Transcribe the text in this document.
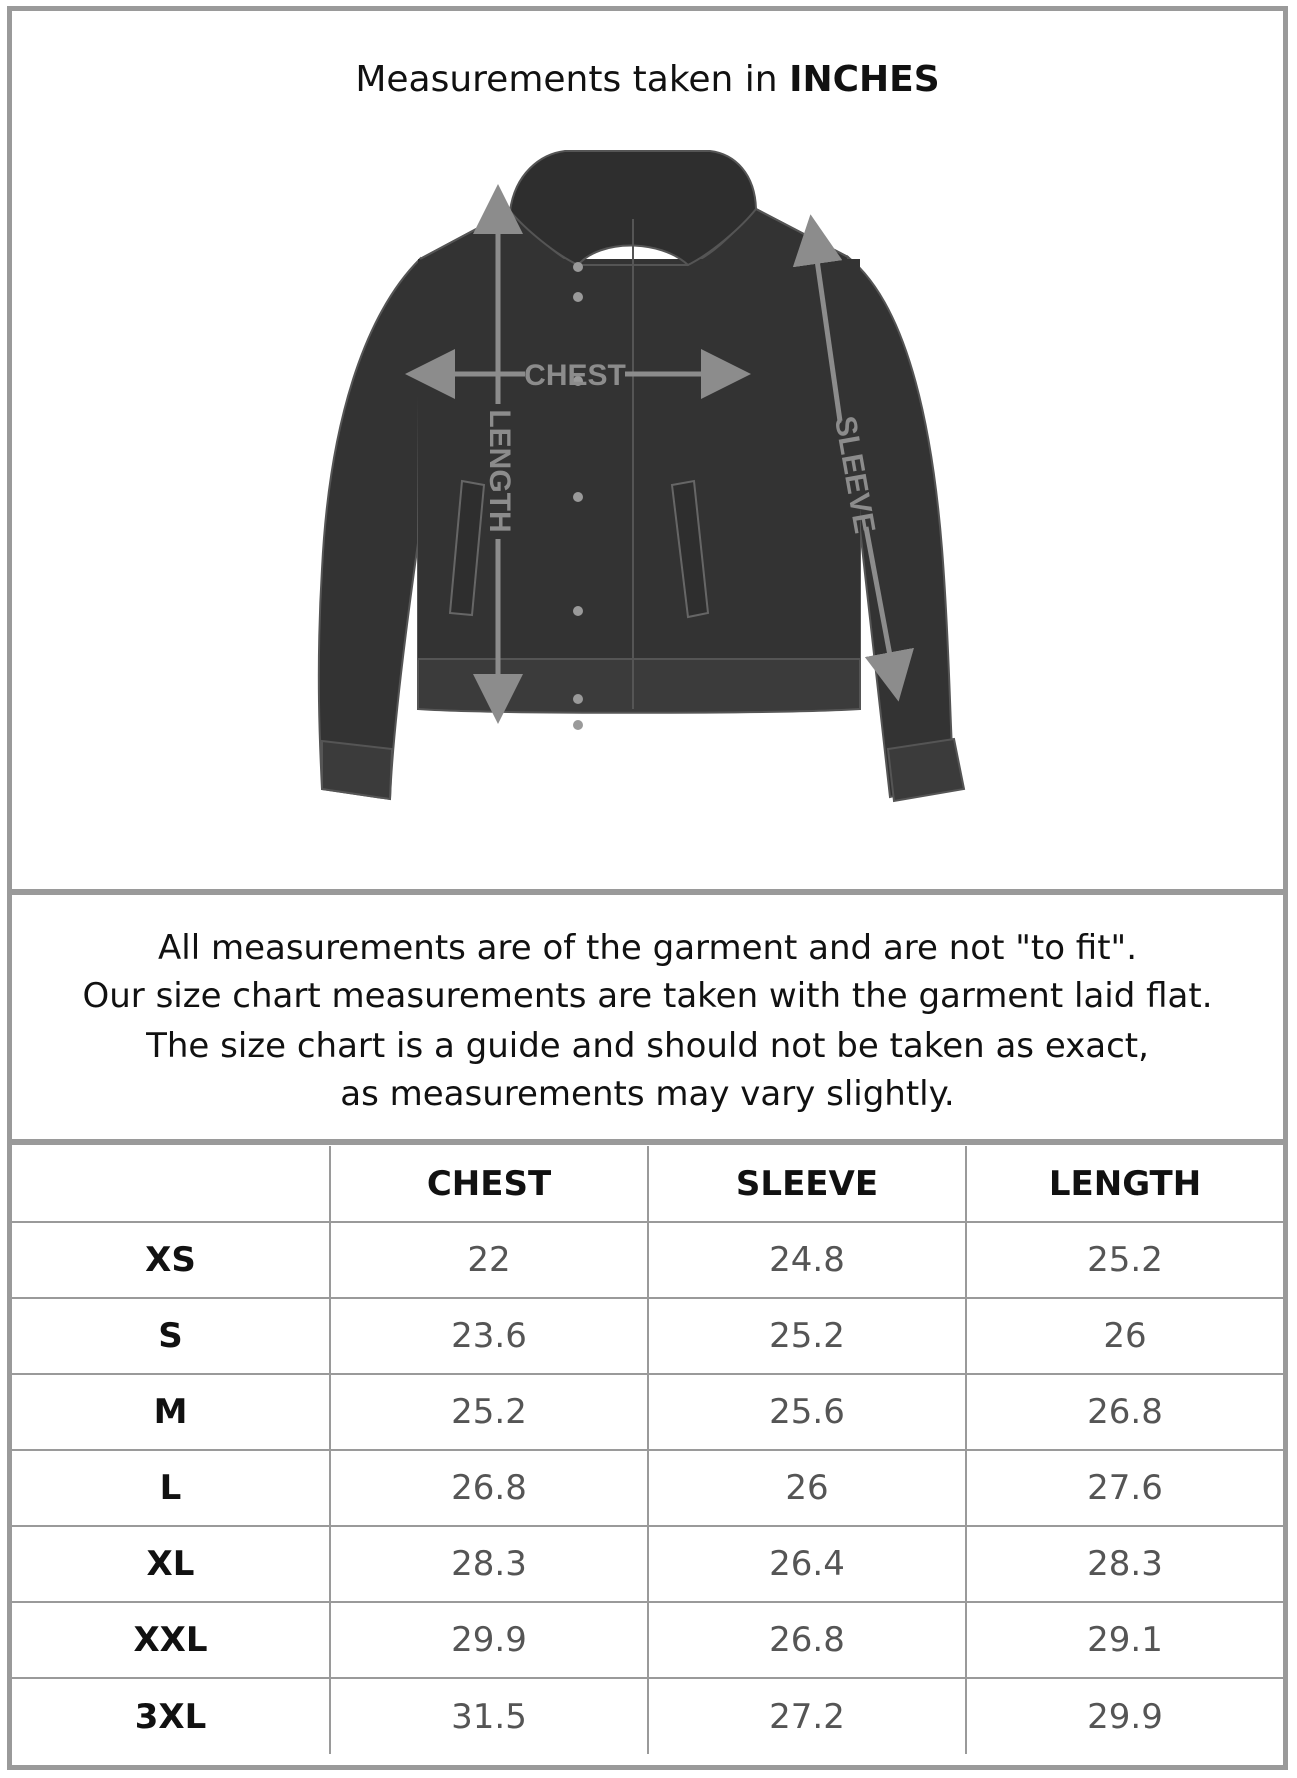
Measurements taken in INCHES
CHEST
LENGTH	SLEEVE

All measurements are of the garment and are not "to fit".

Our size chart measurements are taken with the garment laid flat.

The size chart is a guide and should not be taken as exact,

as measurements may vary slightly.

	CHEST	SLEEVE	LENGTH
XS	22	24.8	25.2
S	23.6	25.2	26
M	25.2	25.6	26.8
L	26.8	26	27.6
XL	28.3	26.4	28.3
XXL	29.9	26.8	29.1
3XL	31.5	27.2	29.9
